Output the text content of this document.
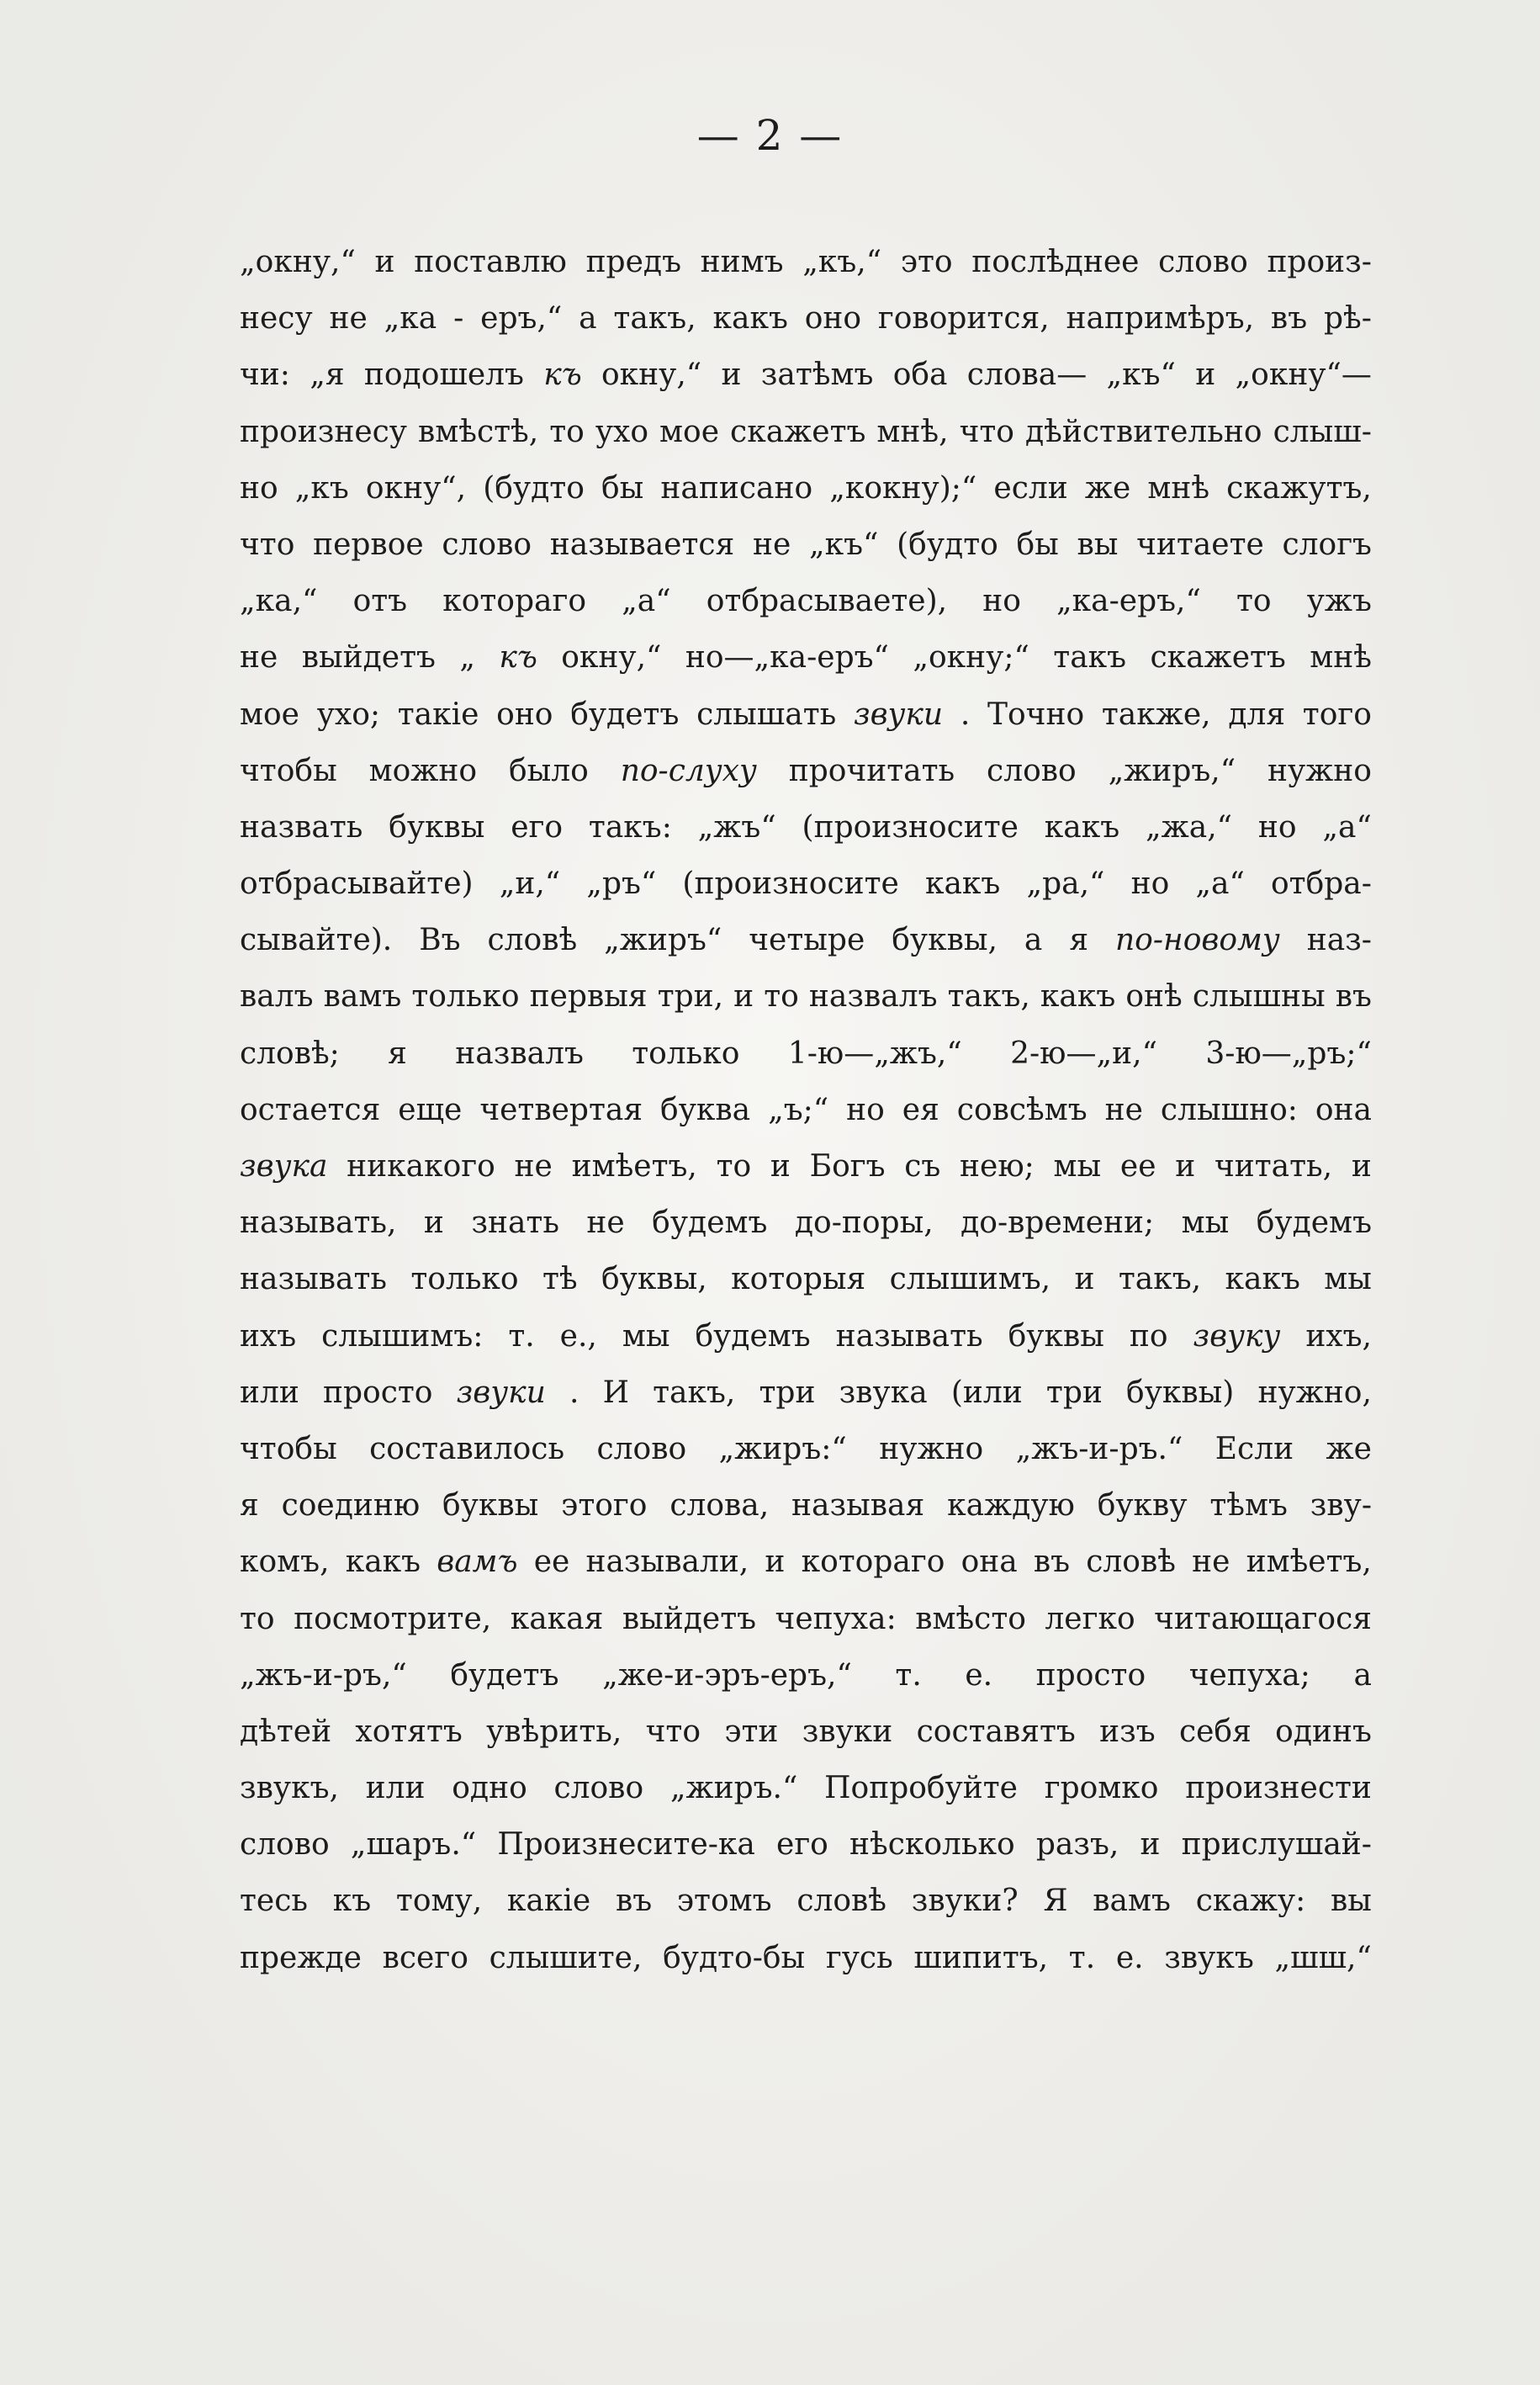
— 2 —
„окну,“ и поставлю предъ нимъ „къ,“ это послѣднее слово произ-
несу не „ка - еръ,“ а такъ, какъ оно говорится, напримѣръ, въ рѣ-
чи: „я подошелъ къ окну,“ и затѣмъ оба слова— „къ“ и „окну“—
произнесу вмѣстѣ, то ухо мое скажетъ мнѣ, что дѣйствительно слыш-
но „къ окну“, (будто бы написано „кокну);“ если же мнѣ скажутъ,
что первое слово называется не „къ“ (будто бы вы читаете слогъ
„ка,“ отъ котораго „а“ отбрасываете), но „ка-еръ,“ то ужъ
не выйдетъ „ къ окну,“ но—„ка-еръ“ „окну;“ такъ скажетъ мнѣ
мое ухо; такіе оно будетъ слышать звуки . Точно также, для того
чтобы можно было по-слуху прочитать слово „жиръ,“ нужно
назвать буквы его такъ: „жъ“ (произносите какъ „жа,“ но „а“
отбрасывайте) „и,“ „ръ“ (произносите какъ „ра,“ но „а“ отбра-
сывайте). Въ словѣ „жиръ“ четыре буквы, а я по-новому наз-
валъ вамъ только первыя три, и то назвалъ такъ, какъ онѣ слышны въ
словѣ; я назвалъ только 1-ю—„жъ,“ 2-ю—„и,“ 3-ю—„ръ;“
остается еще четвертая буква „ъ;“ но ея совсѣмъ не слышно: она
звука никакого не имѣетъ, то и Богъ съ нею; мы ее и читать, и
называть, и знать не будемъ до-поры, до-времени; мы будемъ
называть только тѣ буквы, которыя слышимъ, и такъ, какъ мы
ихъ слышимъ: т. е., мы будемъ называть буквы по звуку ихъ,
или просто звуки . И такъ, три звука (или три буквы) нужно,
чтобы составилось слово „жиръ:“ нужно „жъ-и-ръ.“ Если же
я соединю буквы этого слова, называя каждую букву тѣмъ зву-
комъ, какъ вамъ ее называли, и котораго она въ словѣ не имѣетъ,
то посмотрите, какая выйдетъ чепуха: вмѣсто легко читающагося
„жъ-и-ръ,“ будетъ „же-и-эръ-еръ,“ т. е. просто чепуха; а
дѣтей хотятъ увѣрить, что эти звуки составятъ изъ себя одинъ
звукъ, или одно слово „жиръ.“ Попробуйте громко произнести
слово „шаръ.“ Произнесите-ка его нѣсколько разъ, и прислушай-
тесь къ тому, какіе въ этомъ словѣ звуки? Я вамъ скажу: вы
прежде всего слышите, будто-бы гусь шипитъ, т. е. звукъ „шш,“
